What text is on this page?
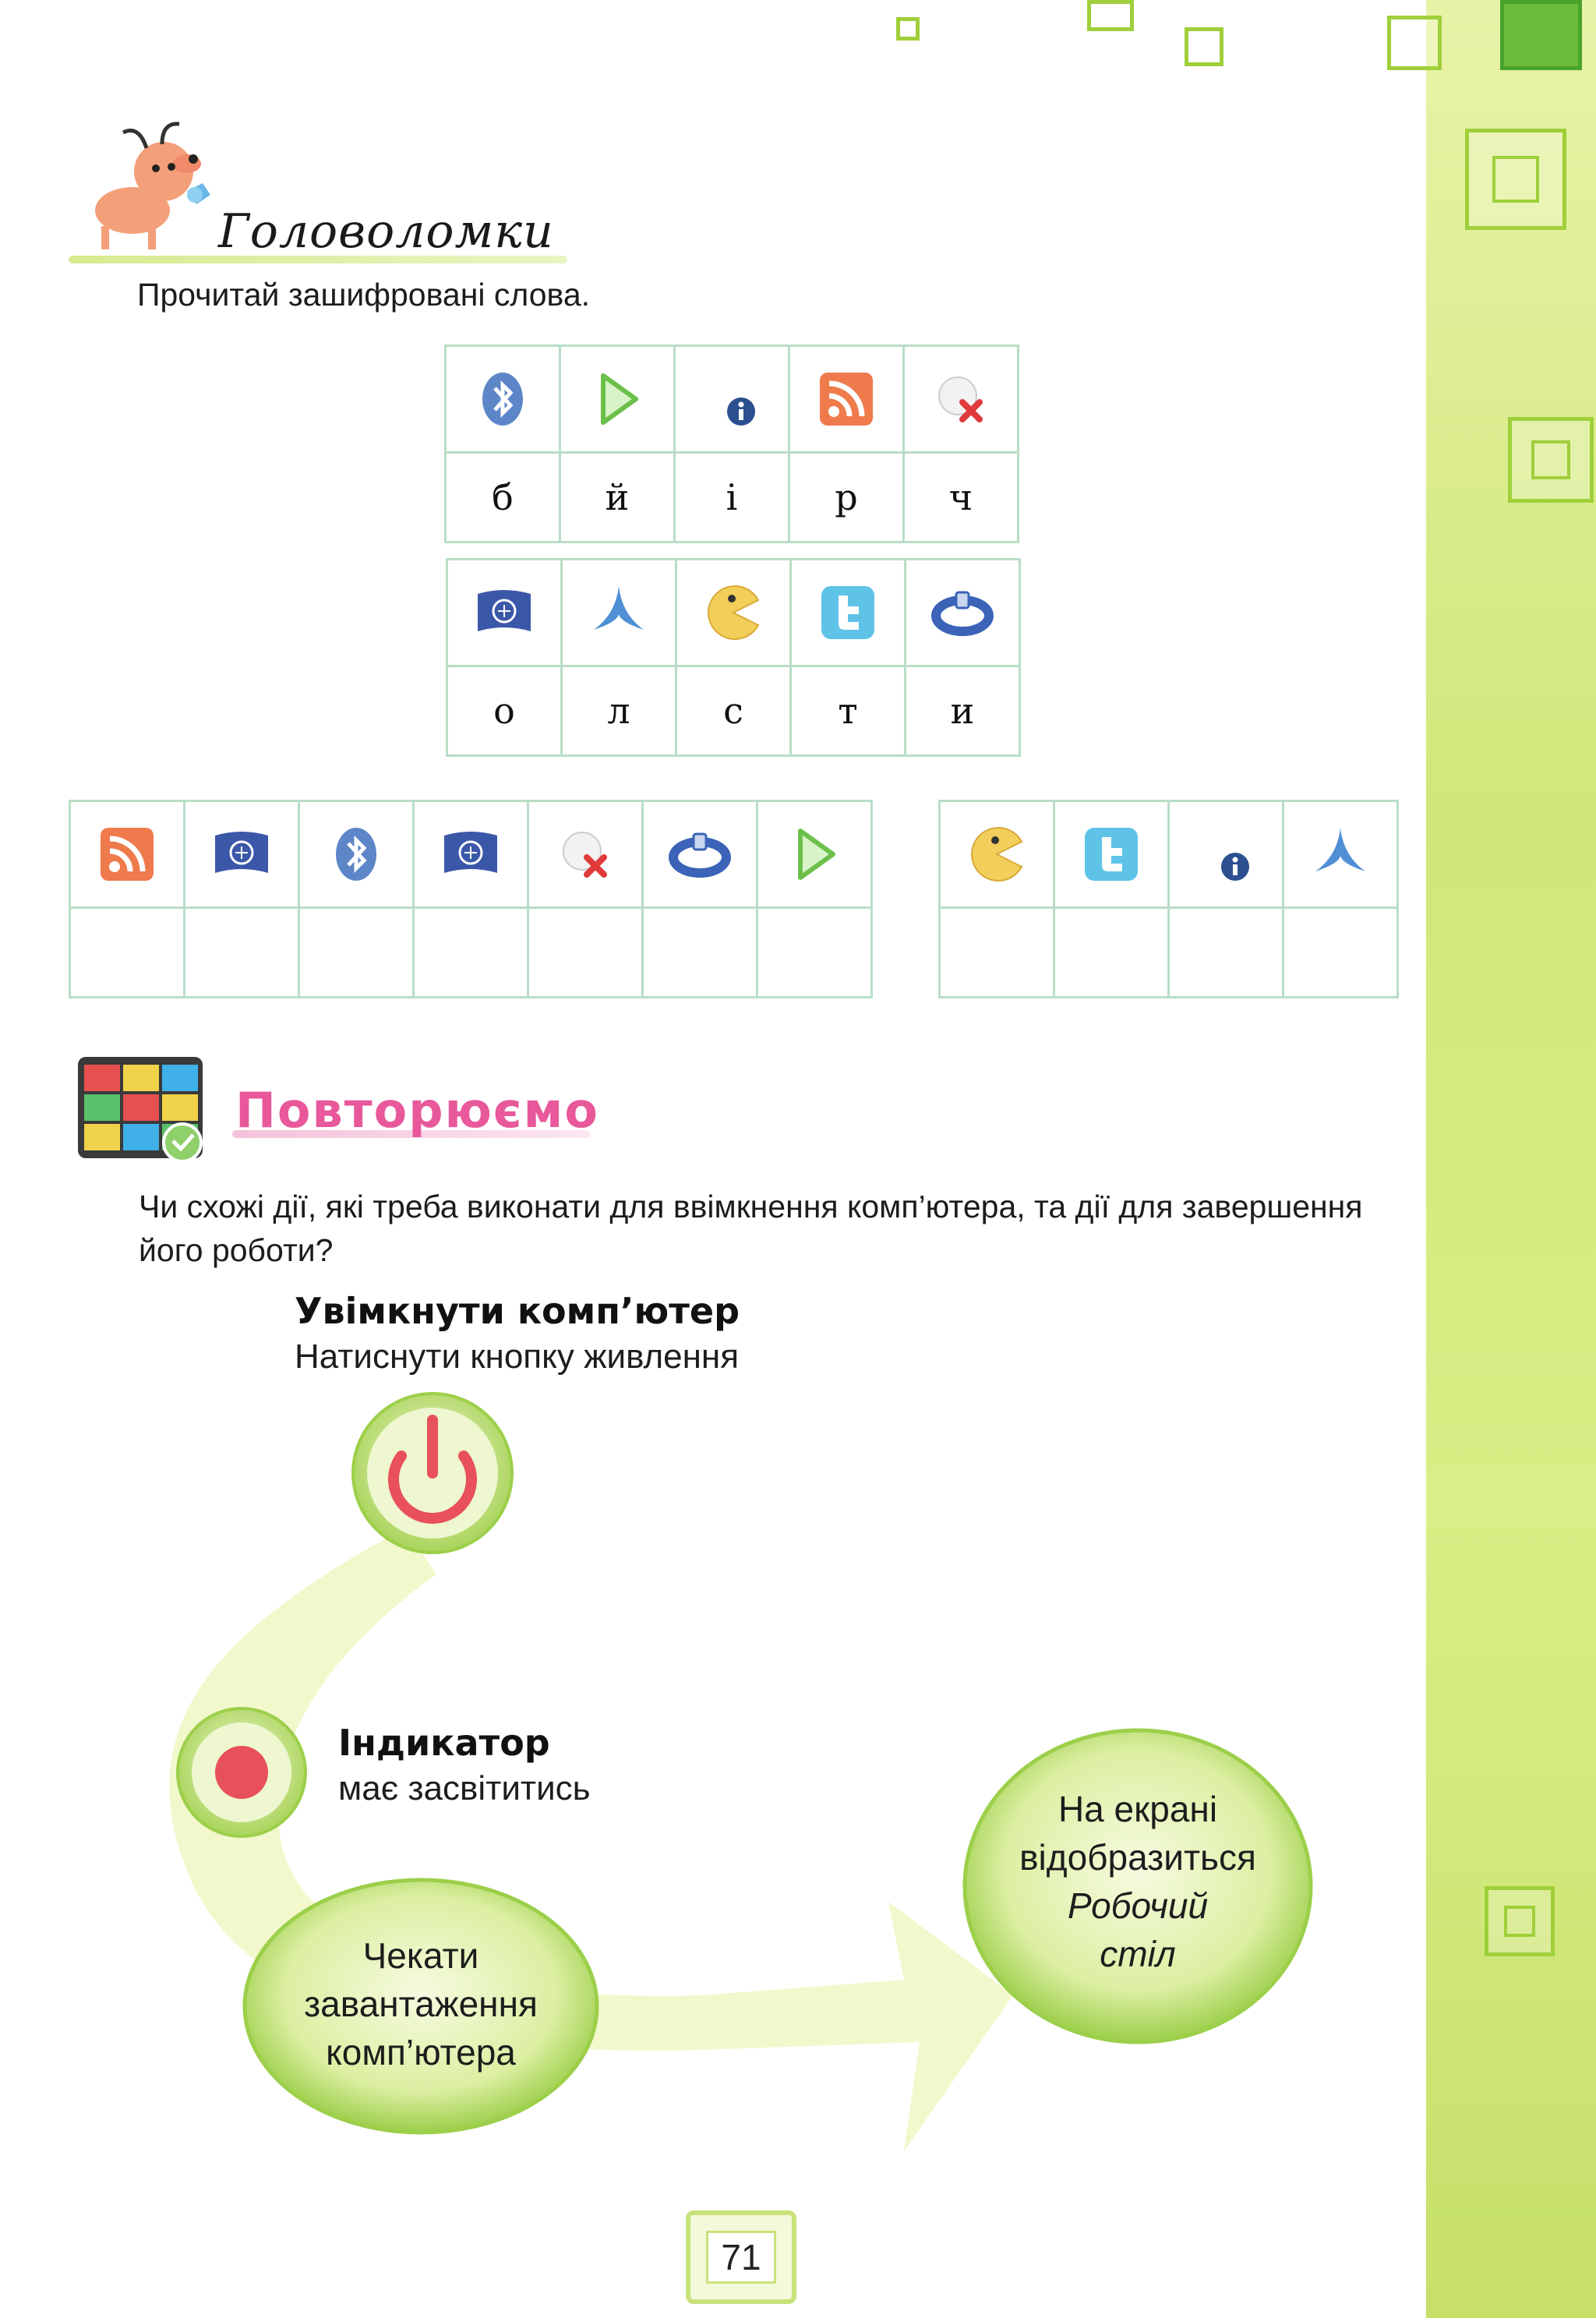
Головоломки
Прочитай зашифровані слова.

б	й	і	р	ч

о	л	с	т	и

Повторюємо
Чи схожі дії, які треба виконати для ввімкнення комп’ютера, та дії для завершення його роботи?
Увімкнути комп’ютер
Натиснути кнопку живлення
Індикатор
має засвітитись
Чекати
завантаження
комп’ютера
На екрані
відобразиться
Робочий
стіл
71
